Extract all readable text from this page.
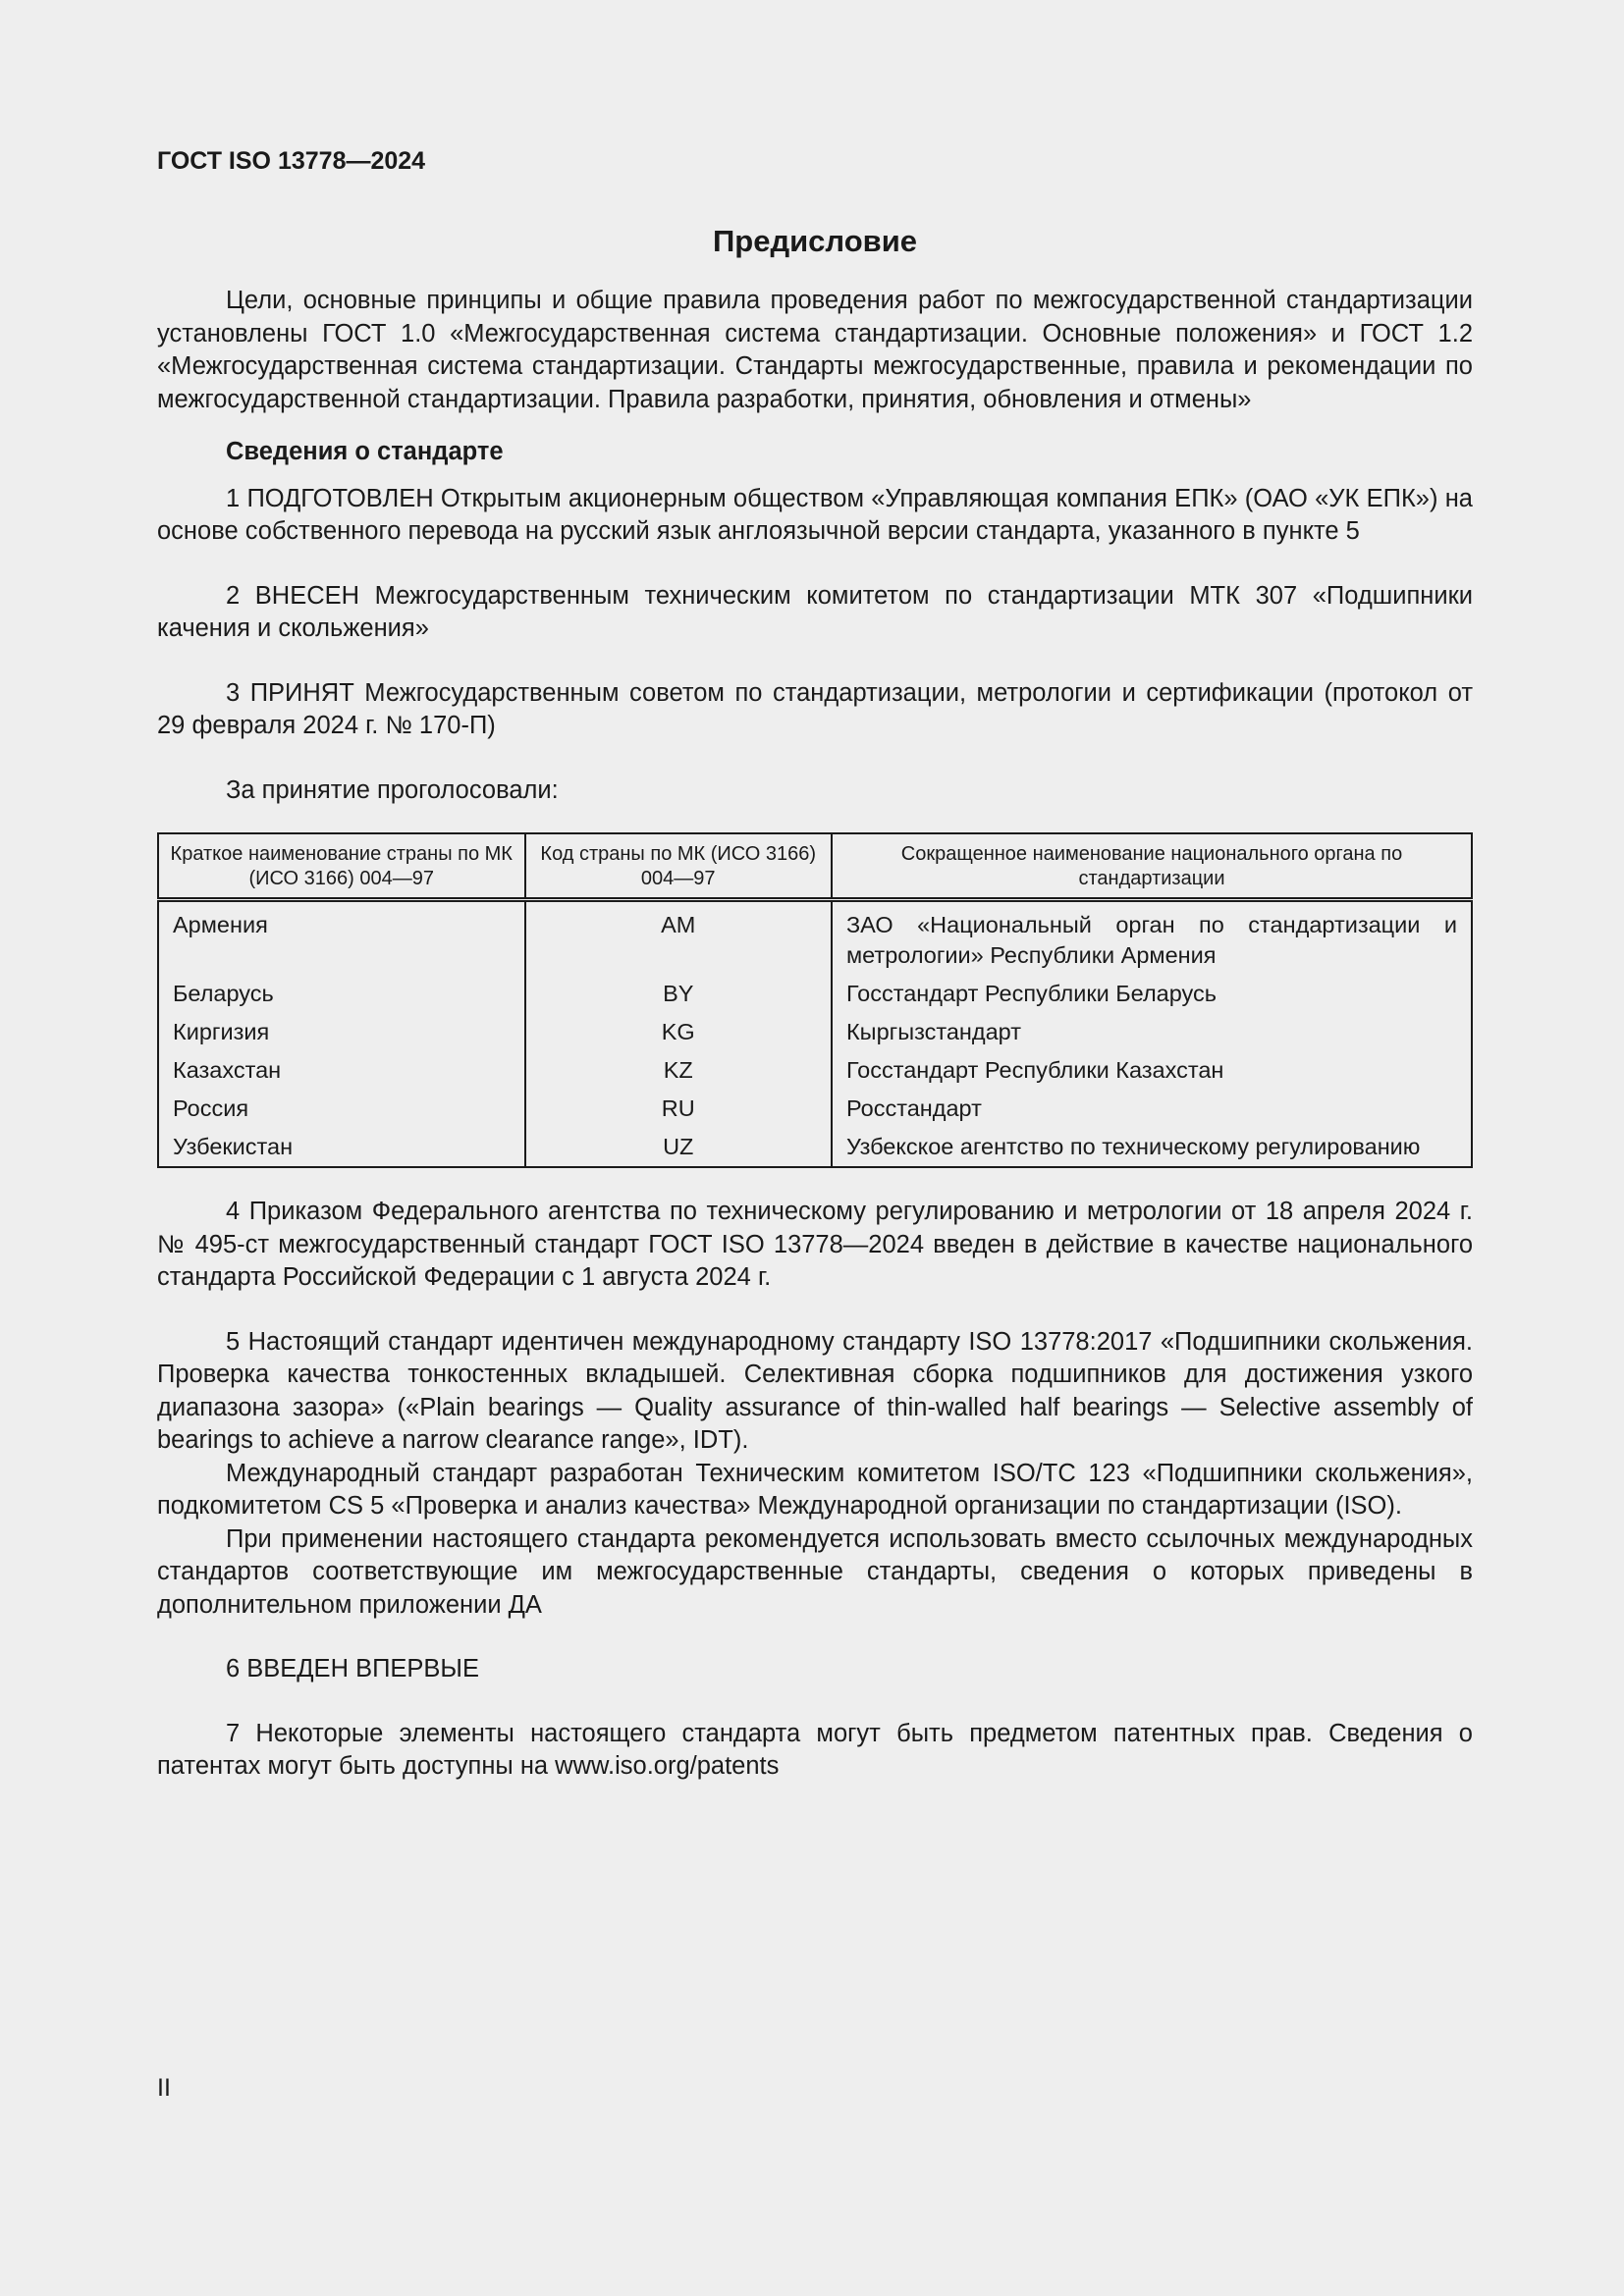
ГОСТ ISO 13778—2024
Предисловие

Цели, основные принципы и общие правила проведения работ по межгосударственной стандартизации установлены ГОСТ 1.0 «Межгосударственная система стандартизации. Основные положения» и ГОСТ 1.2 «Межгосударственная система стандартизации. Стандарты межгосударственные, правила и рекомендации по межгосударственной стандартизации. Правила разработки, принятия, обновления и отмены»

Сведения о стандарте

1 ПОДГОТОВЛЕН Открытым акционерным обществом «Управляющая компания ЕПК» (ОАО «УК ЕПК») на основе собственного перевода на русский язык англоязычной версии стандарта, указанного в пункте 5

2 ВНЕСЕН Межгосударственным техническим комитетом по стандартизации МТК 307 «Подшипники качения и скольжения»

3 ПРИНЯТ Межгосударственным советом по стандартизации, метрологии и сертификации (протокол от 29 февраля 2024 г. № 170-П)

За принятие проголосовали:

Краткое наименование страны по МК (ИСО 3166) 004—97	Код страны по МК (ИСО 3166) 004—97	Сокращенное наименование национального органа по стандартизации
Армения	AM	ЗАО «Национальный орган по стандартизации и метрологии» Республики Армения
Беларусь	BY	Госстандарт Республики Беларусь
Киргизия	KG	Кыргызстандарт
Казахстан	KZ	Госстандарт Республики Казахстан
Россия	RU	Росстандарт
Узбекистан	UZ	Узбекское агентство по техническому регулированию

4 Приказом Федерального агентства по техническому регулированию и метрологии от 18 апреля 2024 г. № 495-ст межгосударственный стандарт ГОСТ ISO 13778—2024 введен в действие в качестве национального стандарта Российской Федерации с 1 августа 2024 г.

5 Настоящий стандарт идентичен международному стандарту ISO 13778:2017 «Подшипники скольжения. Проверка качества тонкостенных вкладышей. Селективная сборка подшипников для достижения узкого диапазона зазора» («Plain bearings — Quality assurance of thin-walled half bearings — Selective assembly of bearings to achieve a narrow clearance range», IDT).

Международный стандарт разработан Техническим комитетом ISO/TC 123 «Подшипники скольжения», подкомитетом CS 5 «Проверка и анализ качества» Международной организации по стандартизации (ISO).

При применении настоящего стандарта рекомендуется использовать вместо ссылочных международных стандартов соответствующие им межгосударственные стандарты, сведения о которых приведены в дополнительном приложении ДА

6 ВВЕДЕН ВПЕРВЫЕ

7 Некоторые элементы настоящего стандарта могут быть предметом патентных прав. Сведения о патентах могут быть доступны на www.iso.org/patents

II
